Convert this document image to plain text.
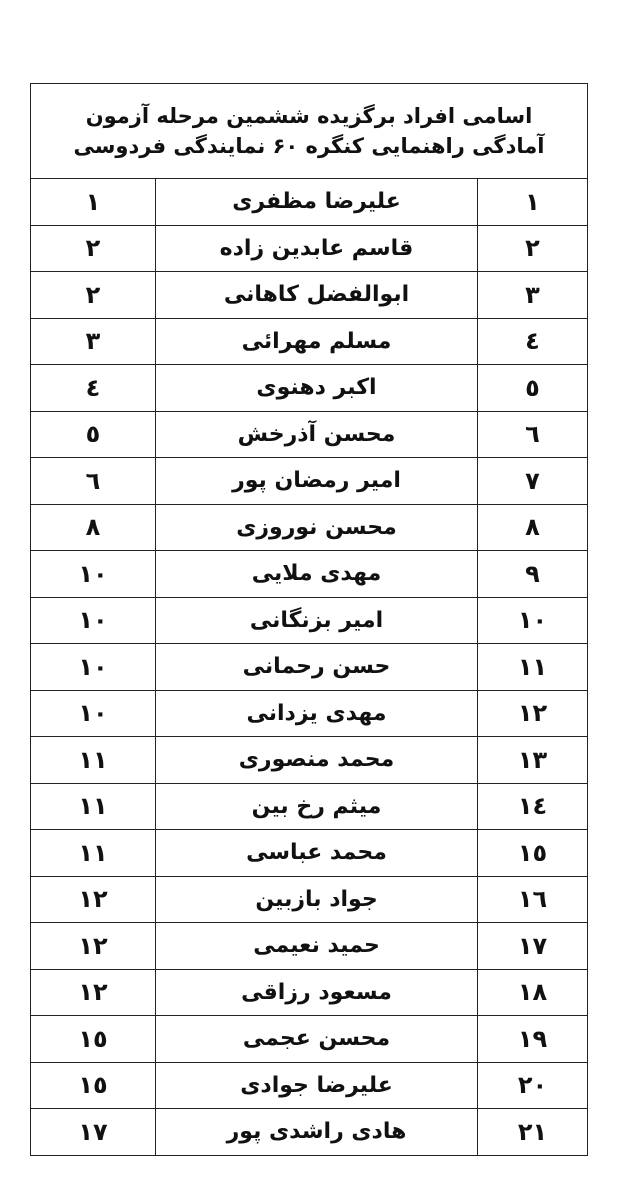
اسامی افراد برگزیده ششمین مرحله آزمون
آمادگی راهنمایی کنگره ۶۰ نمایندگی فردوسی		

۱	علیرضا مظفری	۱
۲	قاسم عابدین زاده	۲
۳	ابوالفضل کاهانی	۲
٤	مسلم مهرائی	۳
٥	اکبر دهنوی	٤
٦	محسن آذرخش	٥
۷	امیر رمضان پور	٦
۸	محسن نوروزی	۸
۹	مهدی ملایی	۱۰
۱۰	امیر بزنگانی	۱۰
۱۱	حسن رحمانی	۱۰
۱۲	مهدی یزدانی	۱۰
۱۳	محمد منصوری	۱۱
۱٤	میثم رخ بین	۱۱
۱٥	محمد عباسی	۱۱
۱٦	جواد بازبین	۱۲
۱۷	حمید نعیمی	۱۲
۱۸	مسعود رزاقی	۱۲
۱۹	محسن عجمی	۱٥
۲۰	علیرضا جوادی	۱٥
۲۱	هادی راشدی پور	۱۷
